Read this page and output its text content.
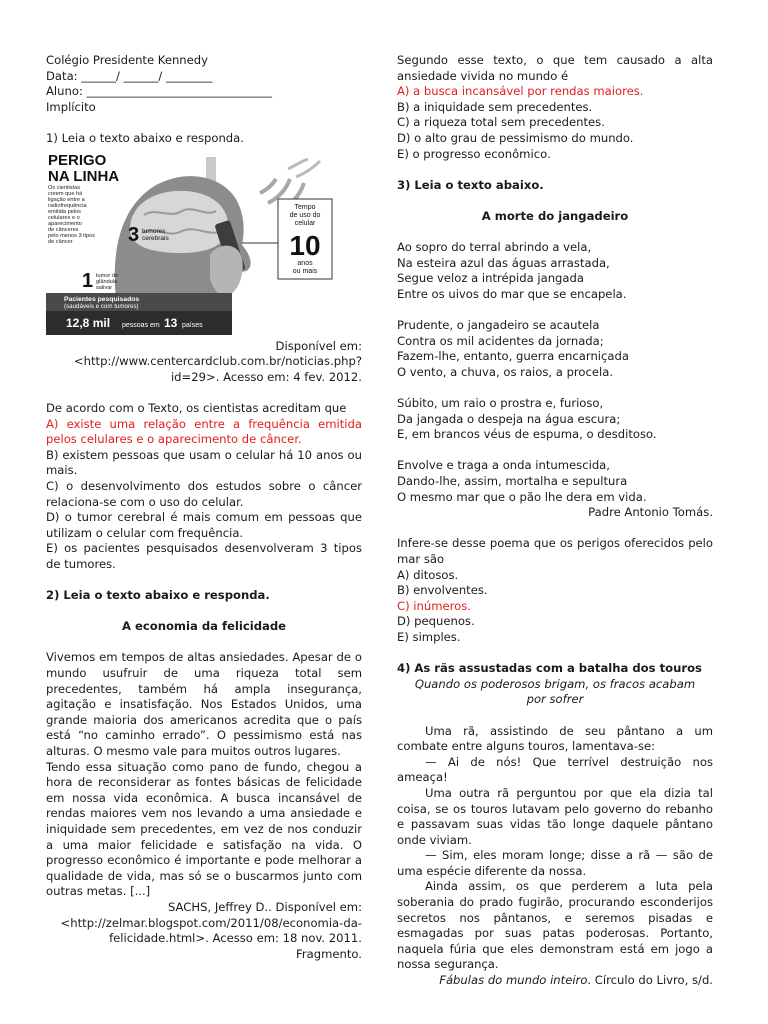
Colégio Presidente Kennedy

Data: ______/ ______/ ________

Aluno: ________________________________

Implícito

1) Leia o texto abaixo e responda.

PERIGO
NA LINHA
Os cientistas
creem que há
ligação entre a
radiofrequência
emitida pelos
celulares e o
aparecimento
de cânceres
pelo menos 3 tipos
de câncer	3 tumores
cerebrais
1 tumor de
glândula
salivar
Tempo
de uso do
celular
10
anos
ou mais
Pacientes pesquisados
(saudáveis e com tumores)
12,8 mil pessoas em 13 países

Disponível em:

<http://www.centercardclub.com.br/noticias.php?

id=29>. Acesso em: 4 fev. 2012.

De acordo com o Texto, os cientistas acreditam que

A) existe uma relação entre a frequência emitida pelos celulares e o aparecimento de câncer.

B) existem pessoas que usam o celular há 10 anos ou mais.

C) o desenvolvimento dos estudos sobre o câncer relaciona-se com o uso do celular.

D) o tumor cerebral é mais comum em pessoas que utilizam o celular com frequência.

E) os pacientes pesquisados desenvolveram 3 tipos de tumores.

2) Leia o texto abaixo e responda.

A economia da felicidade

Vivemos em tempos de altas ansiedades. Apesar de o mundo usufruir de uma riqueza total sem precedentes, também há ampla insegurança, agitação e insatisfação. Nos Estados Unidos, uma grande maioria dos americanos acredita que o país está “no caminho errado”. O pessimismo está nas alturas. O mesmo vale para muitos outros lugares.

Tendo essa situação como pano de fundo, chegou a hora de reconsiderar as fontes básicas de felicidade em nossa vida econômica. A busca incansável de rendas maiores vem nos levando a uma ansiedade e iniquidade sem precedentes, em vez de nos conduzir a uma maior felicidade e satisfação na vida. O progresso econômico é importante e pode melhorar a qualidade de vida, mas só se o buscarmos junto com outras metas. [...]

SACHS, Jeffrey D.. Disponível em:

<http://zelmar.blogspot.com/2011/08/economia-da-

felicidade.html>. Acesso em: 18 nov. 2011.

Fragmento.

Segundo esse texto, o que tem causado a alta ansiedade vivida no mundo é

A) a busca incansável por rendas maiores.

B) a iniquidade sem precedentes.

C) a riqueza total sem precedentes.

D) o alto grau de pessimismo do mundo.

E) o progresso econômico.

3) Leia o texto abaixo.

A morte do jangadeiro

Ao sopro do terral abrindo a vela,

Na esteira azul das águas arrastada,

Segue veloz a intrépida jangada

Entre os uivos do mar que se encapela.

Prudente, o jangadeiro se acautela

Contra os mil acidentes da jornada;

Fazem-lhe, entanto, guerra encarniçada

O vento, a chuva, os raios, a procela.

Súbito, um raio o prostra e, furioso,

Da jangada o despeja na água escura;

E, em brancos véus de espuma, o desditoso.

Envolve e traga a onda intumescida,

Dando-lhe, assim, mortalha e sepultura

O mesmo mar que o pão lhe dera em vida.

Padre Antonio Tomás.

Infere-se desse poema que os perigos oferecidos pelo mar são

A) ditosos.

B) envolventes.

C) inúmeros.

D) pequenos.

E) simples.

4) As rãs assustadas com a batalha dos touros

Quando os poderosos brigam, os fracos acabam por sofrer

Uma rã, assistindo de seu pântano a um combate entre alguns touros, lamentava-se:

— Ai de nós! Que terrível destruição nos ameaça!

Uma outra rã perguntou por que ela dizia tal coisa, se os touros lutavam pelo governo do rebanho e passavam suas vidas tão longe daquele pântano onde viviam.

— Sim, eles moram longe; disse a rã — são de uma espécie diferente da nossa.

Ainda assim, os que perderem a luta pela soberania do prado fugirão, procurando esconderijos secretos nos pântanos, e seremos pisadas e esmagadas por suas patas poderosas. Portanto, naquela fúria que eles demonstram está em jogo a nossa segurança.

Fábulas do mundo inteiro. Círculo do Livro, s/d.
